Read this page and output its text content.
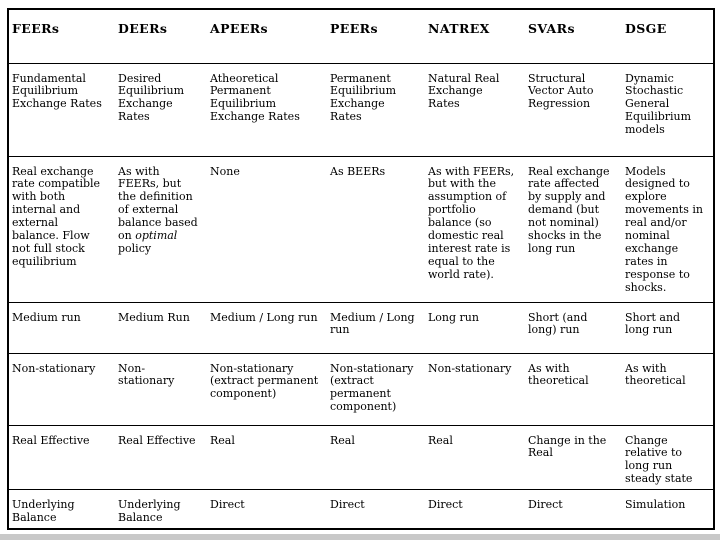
FEERs	DEERs	APEERs	PEERs	NATREX	SVARs	DSGE
Fundamental Equilibrium Exchange Rates	Desired Equilibrium Exchange Rates	Atheoretical Permanent Equilibrium Exchange Rates	Permanent Equilibrium Exchange Rates	Natural Real Exchange Rates	Structural Vector Auto Regression	Dynamic Stochastic General Equilibrium models
Real exchange rate compatible with both internal and external balance. Flow not full stock equilibrium	As with FEERs, but the definition of external balance based on optimal policy	None	As BEERs	As with FEERs, but with the assumption of portfolio balance (so domestic real interest rate is equal to the world rate).	Real exchange rate affected by supply and demand (but not nominal) shocks in the long run	Models designed to explore movements in real and/or nominal exchange rates in response to shocks.
Medium run	Medium Run	Medium / Long run	Medium / Long run	Long run	Short (and long) run	Short and long run
Non-stationary	Non-stationary	Non-stationary (extract permanent component)	Non-stationary (extract permanent component)	Non-stationary	As with theoretical	As with theoretical
Real Effective	Real Effective	Real	Real	Real	Change in the Real	Change relative to long run steady state
Underlying Balance	Underlying Balance	Direct	Direct	Direct	Direct	Simulation
